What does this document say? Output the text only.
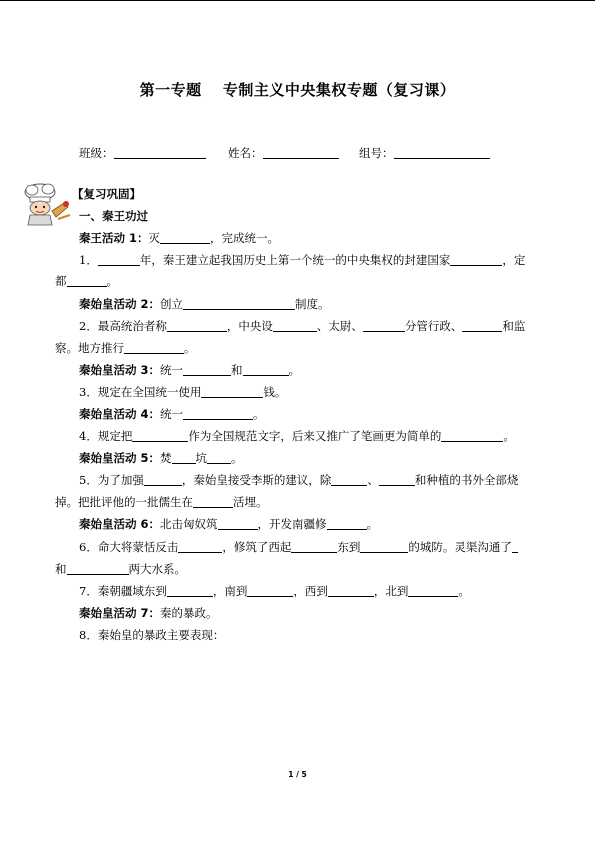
第一专题　 专制主义中央集权专题（复习课）
班级：	姓名：	组号：
【复习巩固】
一、秦王功过
秦王活动 1：灭	，完成统一。
1．	年，秦王建立起我国历史上第一个统一的中央集权的封建国家	，定
都	。
秦始皇活动 2：创立	制度。
2．最高统治者称	，中央设	、太尉、	分管行政、	和监
察。地方推行	。
秦始皇活动 3：统一	和	。
3．规定在全国统一使用	钱。
秦始皇活动 4：统一	。
4．规定把	作为全国规范文字，后来又推广了笔画更为简单的	。
秦始皇活动 5：焚 坑 。
5．为了加强	，秦始皇接受李斯的建议，除	、	和种植的书外全部烧
掉。把批评他的一批儒生在	活埋。
秦始皇活动 6：北击匈奴筑	，开发南疆修	。
6．命大将蒙恬反击	，修筑了西起	东到	的城防。灵渠沟通了
和	两大水系。
7．秦朝疆域东到	，南到	，西到	，北到	。
秦始皇活动 7：秦的暴政。
8．秦始皇的暴政主要表现：
1 / 5
